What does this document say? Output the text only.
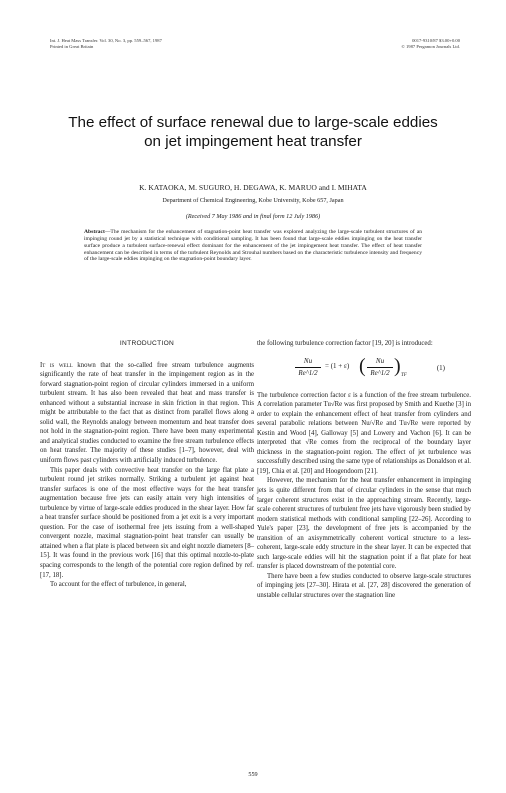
Int. J. Heat Mass Transfer. Vol. 30, No. 3, pp. 559–567, 1987
Printed in Great Britain
0017-9310/87 $3.00+0.00
© 1987 Pergamon Journals Ltd.
The effect of surface renewal due to large-scale eddies on jet impingement heat transfer
K. KATAOKA, M. SUGURO, H. DEGAWA, K. MARUO and I. MIHATA
Department of Chemical Engineering, Kobe University, Kobe 657, Japan
(Received 7 May 1986 and in final form 12 July 1986)
Abstract—The mechanism for the enhancement of stagnation-point heat transfer was explored analyzing the large-scale turbulent structures of an impinging round jet by a statistical technique with conditional sampling. It has been found that large-scale eddies impinging on the heat transfer surface produce a turbulent surface-renewal effect dominant for the enhancement of the jet impingement heat transfer. The effect of heat transfer enhancement can be described in terms of the turbulent Reynolds and Strouhal numbers based on the characteristic turbulence intensity and frequency of the large-scale eddies impinging on the stagnation-point boundary layer.
INTRODUCTION

It is well known that the so-called free stream turbulence augments significantly the rate of heat transfer in the impingement region as in the forward stagnation-point region of circular cylinders immersed in a uniform turbulent stream. It has also been revealed that heat and mass transfer is enhanced without a substantial increase in skin friction in that region. This might be attributable to the fact that as distinct from parallel flows along a solid wall, the Reynolds analogy between momentum and heat transfer does not hold in the stagnation-point region. There have been many experimental and analytical studies conducted to examine the free stream turbulence effects on heat transfer. The majority of these studies [1–7], however, deal with uniform flows past cylinders with artificially induced turbulence.

This paper deals with convective heat transfer on the large flat plate a turbulent round jet strikes normally. Striking a turbulent jet against heat transfer surfaces is one of the most effective ways for the heat transfer augmentation because free jets can easily attain very high intensities of turbulence by virtue of large-scale eddies produced in the shear layer. How far a heat transfer surface should be positioned from a jet exit is a very important question. For the case of isothermal free jets issuing from a well-shaped convergent nozzle, maximal stagnation-point heat transfer can usually be attained when a flat plate is placed between six and eight nozzle diameters [8–15]. It was found in the previous work [16] that this optimal nozzle-to-plate spacing corresponds to the length of the potential core region defined by ref. [17, 18].

To account for the effect of turbulence, in general,

the following turbulence correction factor [19, 20] is introduced:

Nu
Re^1/2
= (1 + ε) (	Nu
Re^1/2 ) TF
(1)

The turbulence correction factor ε is a function of the free stream turbulence. A correlation parameter Tu√Re was first proposed by Smith and Kuethe [3] in order to explain the enhancement effect of heat transfer from cylinders and several parabolic relations between Nu/√Re and Tu√Re were reported by Kestin and Wood [4], Galloway [5] and Lowery and Vachon [6]. It can be interpreted that √Re comes from the reciprocal of the boundary layer thickness in the stagnation-point region. The effect of jet turbulence was successfully described using the same type of relationships as Donaldson et al. [19], Chia et al. [20] and Hoogendoorn [21].

However, the mechanism for the heat transfer enhancement in impinging jets is quite different from that of circular cylinders in the sense that much larger coherent structures exist in the approaching stream. Recently, large-scale coherent structures of turbulent free jets have vigorously been studied by modern statistical methods with conditional sampling [22–26]. According to Yule's paper [23], the development of free jets is accompanied by the transition of an axisymmetrically coherent vortical structure to a less-coherent, large-scale eddy structure in the shear layer. It can be expected that such large-scale eddies will hit the stagnation point if a flat plate for heat transfer is placed downstream of the potential core.

There have been a few studies conducted to observe large-scale structures of impinging jets [27–30]. Hirata et al. [27, 28] discovered the generation of unstable cellular structures over the stagnation line

559
